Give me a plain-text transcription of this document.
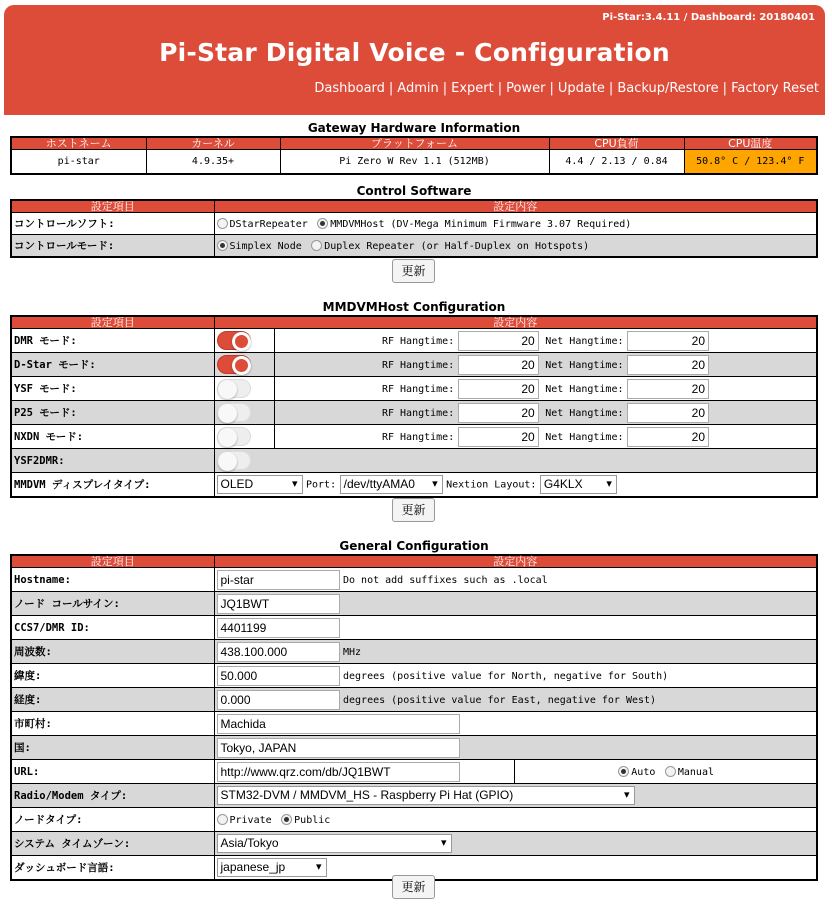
Pi-Star:3.4.11 / Dashboard: 20180401
Pi-Star Digital Voice - Configuration
Dashboard | Admin | Expert | Power | Update | Backup/Restore | Factory Reset
Gateway Hardware Information
ホストネーム	カーネル	プラットフォーム	CPU負荷	CPU温度
pi-star	4.9.35+	Pi Zero W Rev 1.1 (512MB)	4.4 / 2.13 / 0.84	50.8° C / 123.4° F
Control Software
設定項目	設定内容
コントロールソフト:	DStarRepeater MMDVMHost (DV-Mega Minimum Firmware 3.07 Required)
コントロールモード:	Simplex Node Duplex Repeater (or Half-Duplex on Hotspots)
更新
MMDVMHost Configuration
設定項目	設定内容	
DMR モード:		RF Hangtime: 20 Net Hangtime: 20
D-Star モード:		RF Hangtime: 20 Net Hangtime: 20
YSF モード:		RF Hangtime: 20 Net Hangtime: 20
P25 モード:		RF Hangtime: 20 Net Hangtime: 20
NXDN モード:		RF Hangtime: 20 Net Hangtime: 20
YSF2DMR:		

MMDVM ディスプレイタイプ:	OLED ▾ Port: /dev/ttyAMA0 ▾ Nextion Layout: G4KLX ▾
更新
General Configuration
設定項目	設定内容	
Hostname:	pi-star Do not add suffixes such as .local	
ノード コールサイン:	JQ1BWT	
CCS7/DMR ID:	4401199	
周波数:	438.100.000 MHz	
緯度:	50.000 degrees (positive value for North, negative for South)	
経度:	0.000 degrees (positive value for East, negative for West)	
市町村:	Machida	
国:	Tokyo, JAPAN	
URL:	http://www.qrz.com/db/JQ1BWT	Auto Manual
Radio/Modem タイプ:	STM32-DVM / MMDVM_HS - Raspberry Pi Hat (GPIO) ▾
ノードタイプ:	Private Public	
システム タイムゾーン:	Asia/Tokyo ▾
ダッシュボード言語:	japanese_jp ▾
更新
